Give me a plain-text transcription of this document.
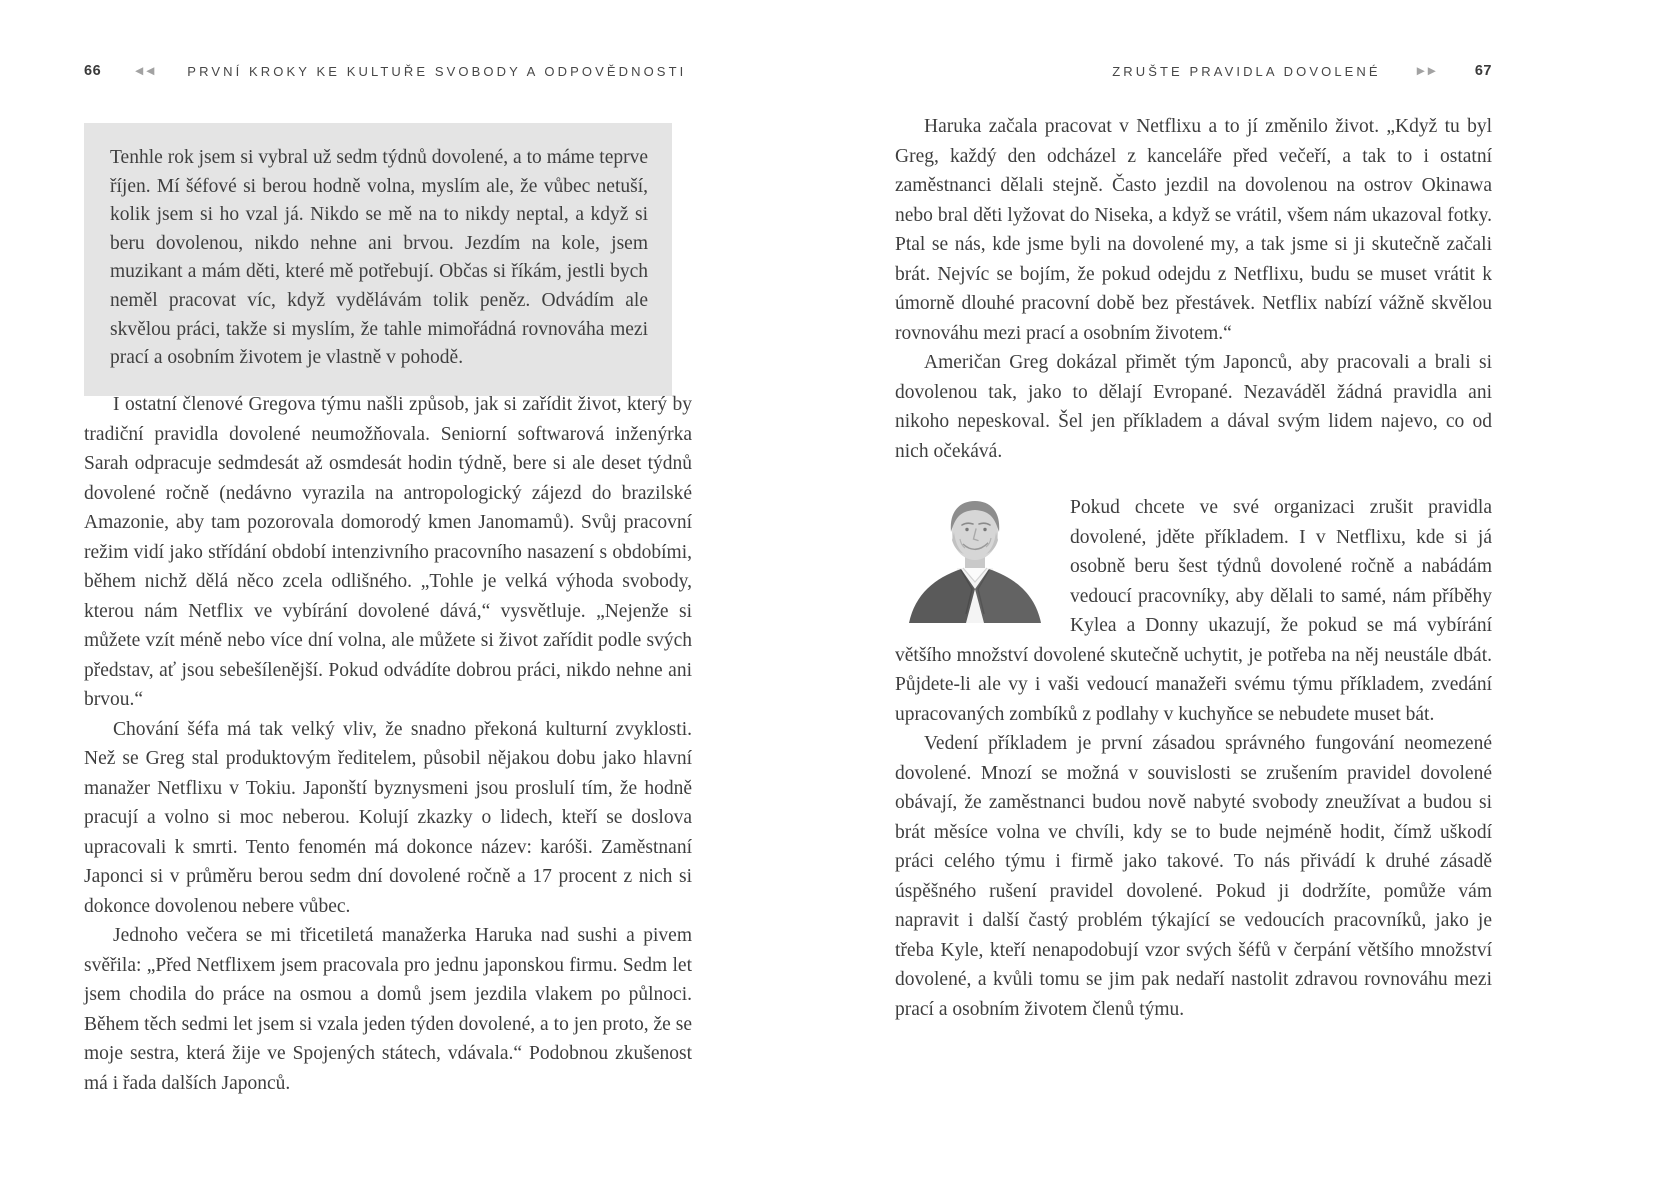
66	◀◀ PRVNÍ KROKY KE KULTUŘE SVOBODY A ODPOVĚDNOSTI

Tenhle rok jsem si vybral už sedm týdnů dovolené, a to máme teprve říjen. Mí šéfové si berou hodně volna, myslím ale, že vůbec netuší, kolik jsem si ho vzal já. Nikdo se mě na to nikdy neptal, a když si beru dovolenou, nikdo nehne ani brvou. Jezdím na kole, jsem muzikant a mám děti, které mě potřebují. Občas si říkám, jestli bych neměl pracovat víc, když vydělávám tolik peněz. Odvádím ale skvělou práci, takže si myslím, že tahle mimořádná rovnováha mezi prací a osobním životem je vlastně v pohodě.

I ostatní členové Gregova týmu našli způsob, jak si zařídit život, který by tradiční pravidla dovolené neumožňovala. Seniorní softwarová inženýrka Sarah odpracuje sedmdesát až osmdesát hodin týdně, bere si ale deset týdnů dovolené ročně (nedávno vyrazila na antropologický zájezd do brazilské Amazonie, aby tam pozorovala domorodý kmen Janomamů). Svůj pracovní režim vidí jako střídání období intenzivního pracovního nasazení s obdobími, během nichž dělá něco zcela odlišného. „Tohle je velká výhoda svobody, kterou nám Netflix ve vybírání dovolené dává,“ vysvětluje. „Nejenže si můžete vzít méně nebo více dní volna, ale můžete si život zařídit podle svých představ, ať jsou sebešílenější. Pokud odvádíte dobrou práci, nikdo nehne ani brvou.“

Chování šéfa má tak velký vliv, že snadno překoná kulturní zvyklosti. Než se Greg stal produktovým ředitelem, působil nějakou dobu jako hlavní manažer Netflixu v Tokiu. Japonští byznysmeni jsou proslulí tím, že hodně pracují a volno si moc neberou. Kolují zkazky o lidech, kteří se doslova upracovali k smrti. Tento fenomén má dokonce název: karóši. Zaměstnaní Japonci si v průměru berou sedm dní dovolené ročně a 17 procent z nich si dokonce dovolenou nebere vůbec.

Jednoho večera se mi třicetiletá manažerka Haruka nad sushi a pivem svěřila: „Před Netflixem jsem pracovala pro jednu japonskou firmu. Sedm let jsem chodila do práce na osmou a domů jsem jezdila vlakem po půlnoci. Během těch sedmi let jsem si vzala jeden týden dovolené, a to jen proto, že se moje sestra, která žije ve Spojených státech, vdávala.“ Podobnou zkušenost má i řada dalších Japonců.

ZRUŠTE PRAVIDLA DOVOLENÉ	▶▶ 67

Haruka začala pracovat v Netflixu a to jí změnilo život. „Když tu byl Greg, každý den odcházel z kanceláře před večeří, a tak to i ostatní zaměstnanci dělali stejně. Často jezdil na dovolenou na ostrov Okinawa nebo bral děti lyžovat do Niseka, a když se vrátil, všem nám ukazoval fotky. Ptal se nás, kde jsme byli na dovolené my, a tak jsme si ji skutečně začali brát. Nejvíc se bojím, že pokud odejdu z Netflixu, budu se muset vrátit k úmorně dlouhé pracovní době bez přestávek. Netflix nabízí vážně skvělou rovnováhu mezi prací a osobním životem.“

Američan Greg dokázal přimět tým Japonců, aby pracovali a brali si dovolenou tak, jako to dělají Evropané. Nezaváděl žádná pravidla ani nikoho nepeskoval. Šel jen příkladem a dával svým lidem najevo, co od nich očekává.

Pokud chcete ve své organizaci zrušit pravidla dovolené, jděte příkladem. I v Netflixu, kde si já osobně beru šest týdnů dovolené ročně a nabádám vedoucí pracovníky, aby dělali to samé, nám příběhy Kylea a Donny ukazují, že pokud se má vybírání většího množství dovolené skutečně uchytit, je potřeba na něj neustále dbát. Půjdete-li ale vy i vaši vedoucí manažeři svému týmu příkladem, zvedání upracovaných zombíků z podlahy v kuchyňce se nebudete muset bát.

Vedení příkladem je první zásadou správného fungování neomezené dovolené. Mnozí se možná v souvislosti se zrušením pravidel dovolené obávají, že zaměstnanci budou nově nabyté svobody zneužívat a budou si brát měsíce volna ve chvíli, kdy se to bude nejméně hodit, čímž uškodí práci celého týmu i firmě jako takové. To nás přivádí k druhé zásadě úspěšného rušení pravidel dovolené. Pokud ji dodržíte, pomůže vám napravit i další častý problém týkající se vedoucích pracovníků, jako je třeba Kyle, kteří nenapodobují vzor svých šéfů v čerpání většího množství dovolené, a kvůli tomu se jim pak nedaří nastolit zdravou rovnováhu mezi prací a osobním životem členů týmu.
